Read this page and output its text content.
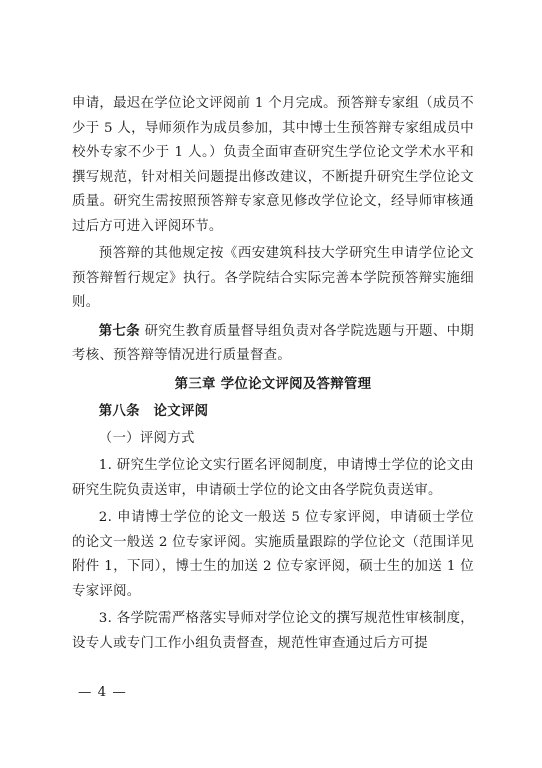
申请，最迟在学位论文评阅前 1 个月完成。预答辩专家组（成员不少于 5 人，导师须作为成员参加，其中博士生预答辩专家组成员中校外专家不少于 1 人。）负责全面审查研究生学位论文学术水平和撰写规范，针对相关问题提出修改建议，不断提升研究生学位论文质量。研究生需按照预答辩专家意见修改学位论文，经导师审核通过后方可进入评阅环节。

预答辩的其他规定按《西安建筑科技大学研究生申请学位论文预答辩暂行规定》执行。各学院结合实际完善本学院预答辩实施细则。

第七条 研究生教育质量督导组负责对各学院选题与开题、中期考核、预答辩等情况进行质量督查。

第三章 学位论文评阅及答辩管理

第八条　论文评阅

（一）评阅方式

1. 研究生学位论文实行匿名评阅制度，申请博士学位的论文由研究生院负责送审，申请硕士学位的论文由各学院负责送审。

2. 申请博士学位的论文一般送 5 位专家评阅，申请硕士学位的论文一般送 2 位专家评阅。实施质量跟踪的学位论文（范围详见附件 1，下同），博士生的加送 2 位专家评阅，硕士生的加送 1 位专家评阅。

3. 各学院需严格落实导师对学位论文的撰写规范性审核制度，设专人或专门工作小组负责督查，规范性审查通过后方可提

— 4 —
